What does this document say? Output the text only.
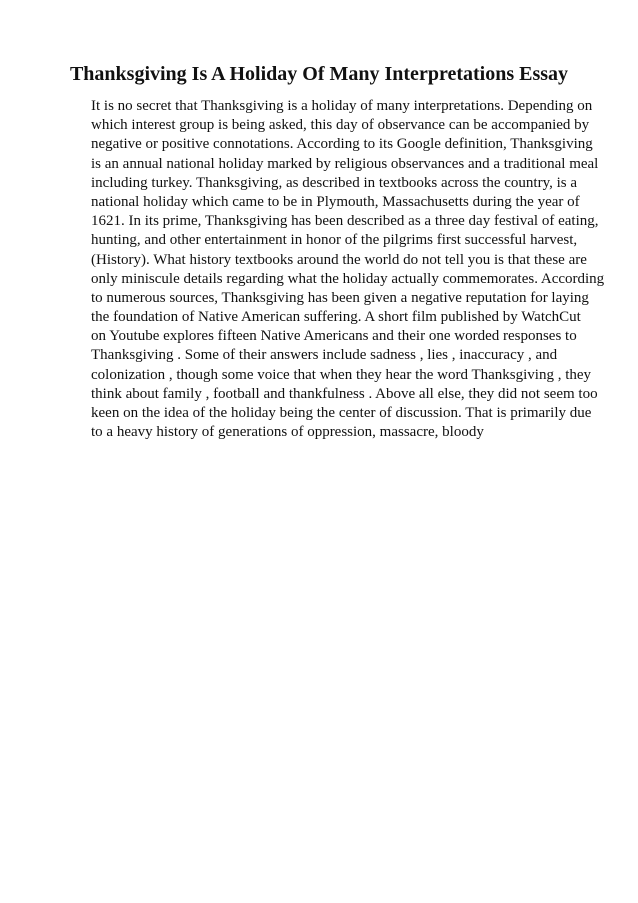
Thanksgiving Is A Holiday Of Many Interpretations Essay
It is no secret that Thanksgiving is a holiday of many interpretations. Depending on
which interest group is being asked, this day of observance can be accompanied by
negative or positive connotations. According to its Google definition, Thanksgiving
is an annual national holiday marked by religious observances and a traditional meal
including turkey. Thanksgiving, as described in textbooks across the country, is a
national holiday which came to be in Plymouth, Massachusetts during the year of
1621. In its prime, Thanksgiving has been described as a three day festival of eating,
hunting, and other entertainment in honor of the pilgrims first successful harvest,
(History). What history textbooks around the world do not tell you is that these are
only miniscule details regarding what the holiday actually commemorates. According
to numerous sources, Thanksgiving has been given a negative reputation for laying
the foundation of Native American suffering. A short film published by WatchCut
on Youtube explores fifteen Native Americans and their one worded responses to
Thanksgiving . Some of their answers include sadness , lies , inaccuracy , and
colonization , though some voice that when they hear the word Thanksgiving , they
think about family , football and thankfulness . Above all else, they did not seem too
keen on the idea of the holiday being the center of discussion. That is primarily due
to a heavy history of generations of oppression, massacre, bloody
